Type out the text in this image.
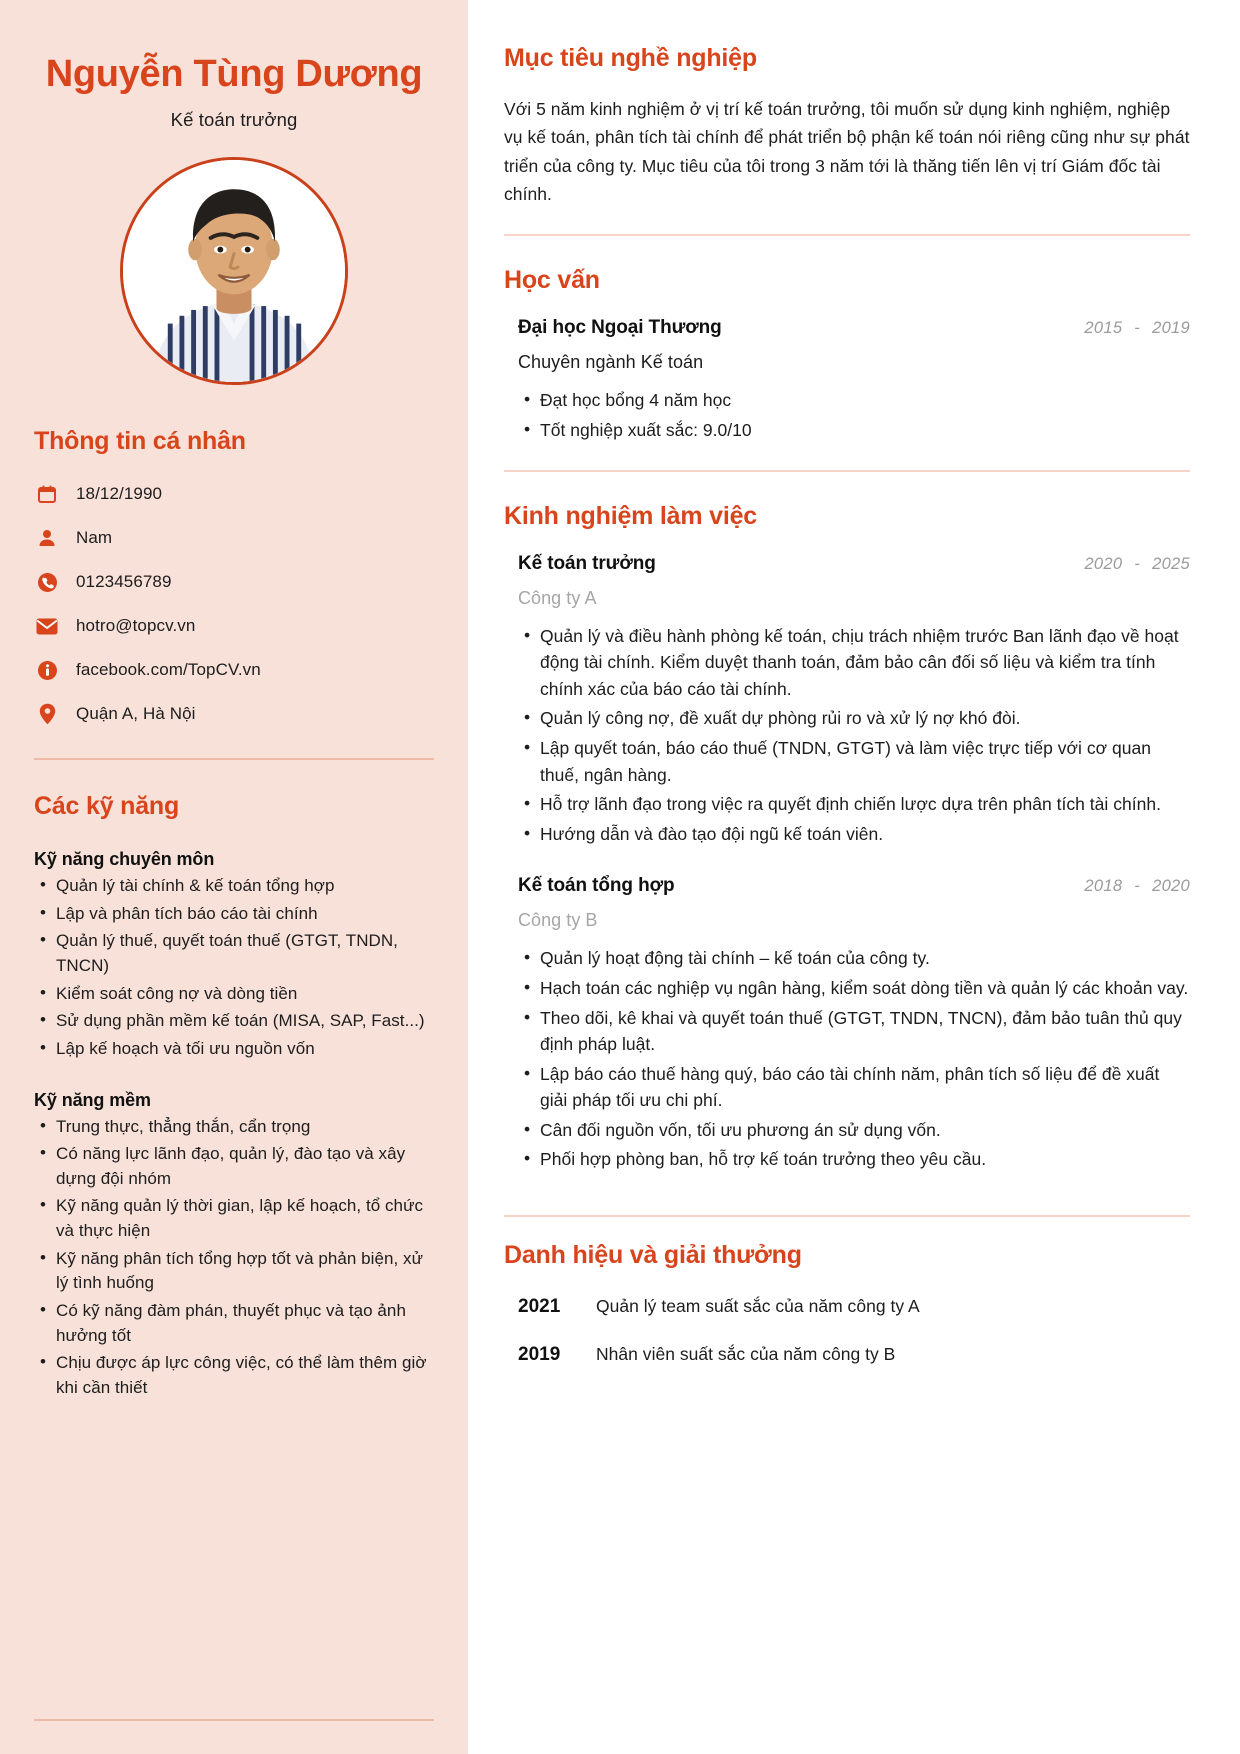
Nguyễn Tùng Dương
Kế toán trưởng
Thông tin cá nhân
18/12/1990
Nam
0123456789
hotro@topcv.vn
facebook.com/TopCV.vn
Quận A, Hà Nội
Các kỹ năng
Kỹ năng chuyên môn
• Quản lý tài chính & kế toán tổng hợp
• Lập và phân tích báo cáo tài chính
• Quản lý thuế, quyết toán thuế (GTGT, TNDN, TNCN)
• Kiểm soát công nợ và dòng tiền
• Sử dụng phần mềm kế toán (MISA, SAP, Fast...)
• Lập kế hoạch và tối ưu nguồn vốn
Kỹ năng mềm
• Trung thực, thẳng thắn, cẩn trọng
• Có năng lực lãnh đạo, quản lý, đào tạo và xây dựng đội nhóm
• Kỹ năng quản lý thời gian, lập kế hoạch, tổ chức và thực hiện
• Kỹ năng phân tích tổng hợp tốt và phản biện, xử lý tình huống
• Có kỹ năng đàm phán, thuyết phục và tạo ảnh hưởng tốt
• Chịu được áp lực công việc, có thể làm thêm giờ khi cần thiết
Mục tiêu nghề nghiệp
Với 5 năm kinh nghiệm ở vị trí kế toán trưởng, tôi muốn sử dụng kinh nghiệm, nghiệp vụ kế toán, phân tích tài chính để phát triển bộ phận kế toán nói riêng cũng như sự phát triển của công ty. Mục tiêu của tôi trong 3 năm tới là thăng tiến lên vị trí Giám đốc tài chính.
Học vấn
Đại học Ngoại Thương	2015 - 2019
Chuyên ngành Kế toán
• Đạt học bổng 4 năm học
• Tốt nghiệp xuất sắc: 9.0/10
Kinh nghiệm làm việc
Kế toán trưởng	2020 - 2025
Công ty A
• Quản lý và điều hành phòng kế toán, chịu trách nhiệm trước Ban lãnh đạo về hoạt động tài chính. Kiểm duyệt thanh toán, đảm bảo cân đối số liệu và kiểm tra tính chính xác của báo cáo tài chính.
• Quản lý công nợ, đề xuất dự phòng rủi ro và xử lý nợ khó đòi.
• Lập quyết toán, báo cáo thuế (TNDN, GTGT) và làm việc trực tiếp với cơ quan thuế, ngân hàng.
• Hỗ trợ lãnh đạo trong việc ra quyết định chiến lược dựa trên phân tích tài chính.
• Hướng dẫn và đào tạo đội ngũ kế toán viên.
Kế toán tổng hợp	2018 - 2020
Công ty B
• Quản lý hoạt động tài chính – kế toán của công ty.
• Hạch toán các nghiệp vụ ngân hàng, kiểm soát dòng tiền và quản lý các khoản vay.
• Theo dõi, kê khai và quyết toán thuế (GTGT, TNDN, TNCN), đảm bảo tuân thủ quy định pháp luật.
• Lập báo cáo thuế hàng quý, báo cáo tài chính năm, phân tích số liệu để đề xuất giải pháp tối ưu chi phí.
• Cân đối nguồn vốn, tối ưu phương án sử dụng vốn.
• Phối hợp phòng ban, hỗ trợ kế toán trưởng theo yêu cầu.
Danh hiệu và giải thưởng
2021	Quản lý team suất sắc của năm công ty A
2019	Nhân viên suất sắc của năm công ty B
